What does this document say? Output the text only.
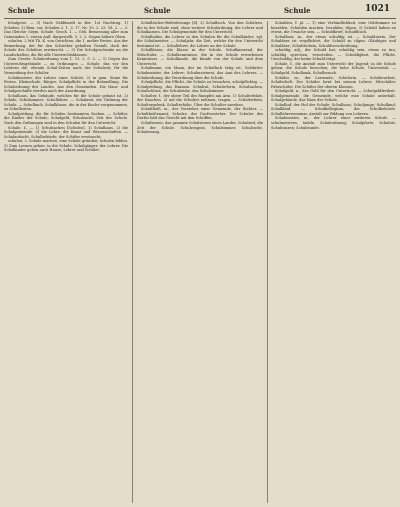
Schule	Schule	Schule	1021

fchulgeist. — 3) Nach Gebbhardt in Ber. 1st Nachtrag. 1) Schulen: 2) Bem. vor. Schulen 2. 1. 3. 17. Nr. 10. 2. 23. 18. 2. — 3. Das Gleiche: Seym. Schule. Gesch. 1. — Geh. Bemessung aller zum Gemeinden 1. ersten Aufl. dargestellt. 3. 2. 2. Gegen höhere Oben.

schulen. 2 Mit Th. K. von Gerichten, die 1. mehre Ferien. Aus der Bemerkung, der für den Schreiber gehalten Gestalt, doch der Schule des Schülers erwünscht. — 3) Die Schulgeschenke an die Landschaften, die für alle Unterrichtsklassen.

Zum Gesetz. Schulordnung vom 1. 13. 2. 5. 2. — 1) Gegen das Unterrichtsgebäude — zu Ordnungen — Schule, das vor den Lehrern die, ebenda Schul-Zeiten nach der Schulzeit; für die Vermeidung der Schüler.

Schulmeister, der Lehrer einer Schule; 2) in gem. Sinne für Ferien, Kleinschule, Bürger, Schulpflicht in der Behandlung. Die Schulordnung des Landes. Aus den Gemeinden. Die Haus- und Schulgeschäfte werden nach der Anordnung.

Schulhaus, das Gebäude, welches für die Schule gebaut ist. 2) Schule, Schulzimmer; Schullehrer. — Schulamt, die Ordnung der Schule. — Schulbuch, Schulklasse, die in der Kirche vorgenommen, zu Schulleuten.

Schulprüfung, die für Schulen bestimmten Sachen. — Schüler, die Kinder der Schule; Schulgeld, Schulzucht; Zeit der Schule. Nach den Ordnungen sind in den Schulen für den Unterricht.

Schule, f., — 1) Schulsachen [Schulen]. 1) Schulhaus. 2) die Schulgemeinde. 3) die Lehre, die Kunst und Wissenschaften. — Schulaufsicht, Schulbehörde; der Schüler erwünscht.

schulen; 2. Schule machen, eine Schule gründen; Schulen bilden. 3) Zum Lernen gehen: in die Schule. Schulgänger, der Lehrer. Die Schulkinder gehen nach Hause; Lehrer und Schüler.

Schulbücher-Beförderungs [6]. 2) Schulbuch. Von den Schülern, die in der Schule sind, ohne weitere Schulordnung, die Lehrer und Schulkassen. Die Schulgemeinde für den Unterricht.

Schulhalter, die Lehrer in den Schulen für die Schulkinder; vgl. die Schulmeister. — Schuljahr, die Zeit, welche für den Unterricht bestimmt ist. — Schullehrer, die Lehrer an der Schule.

Schulklasse, die Klasse in der Schule. Schulkamerad, der Mitschüler. — Schulkenntnisse, die in der Schule erworbenen Kenntnisse. — Schulkunde, die Kunde von der Schule und dem Unterricht.

Schulmann, ein Mann, der im Schulfach tätig ist; Gelehrter. Schulmeister, der Lehrer; Schulmeisterei, das Amt des Lehrers. — Schulordnung, die Verordnung über die Schule.

Schulpflicht, die Pflicht, die Schule zu besuchen; schulpflichtig. — Schulprüfung, das Examen. Schulrat, Schulreform, Schulsachen, Schulschluss; die Schulstube, das Schulzimmer.

Schulter, f., der obere Teil des Rumpfes am Arm. 1) Schulterblatt, der Knochen. 2) auf die Schulter nehmen, tragen. — Schulterbein, Schultergelenk, Schulterhöhe. Über die Schulter ansehen.

Schultheiß, m., der Vorsteher einer Gemeinde, der Richter. — Schultheißenamt; Schulze, der Dorfvorsteher. Der Schulze des Dorfes hält das Gericht mit den Schöffen.

Schulwesen, das gesamte Schulwesen eines Landes. Schulzeit, die Zeit der Schule. Schulzeugnis, Schulzimmer, Schulzucht, Schulzwang.

Schulden, f. pl. — 1) eine Verbindlichkeit, eine Geldsumme zu bezahlen; Schulden machen, bezahlen, tilgen. 2) Schuld haben an etwas, die Ursache sein. — Schuldbrief, Schuldbuch.

Schuldner, m., der etwas schuldig ist. — Schuldnerin. Der Schuldner ist verpflichtet, die Schuld zu tilgen. Gläubiger und Schuldner; Schuldschein, Schuldverschreibung.

schuldig, adj., der Schuld hat; schuldig sein, etwas zu tun; schuldig sprechen, verurteilen. — Schuldigkeit, die Pflicht. Unschuldig, der keine Schuld trägt.

Schule, f., die Anstalt zum Unterricht der Jugend; in die Schule gehen; die Schule besuchen; die hohe Schule, Universität. — Schulgeld, Schulbank, Schulbesuch.

Schüler, m., der Lernende; Schülerin. — Schülerarbeit, Schülerheft. Der Schüler lernt bei seinem Lehrer; Mitschüler, Fahrschüler. Die Schüler der oberen Klassen.

Schulgeld, n., das Geld für den Unterricht. — Schulgeldfreiheit. Schulgemeinde, die Gemeinde, welche eine Schule unterhält. Schulgebäude, das Haus der Schule.

Schulhof, der Hof der Schule; Schulhaus; Schuljunge; Schulkind; Schulkleid. — Schulkollegium, die Schulbehörde. Schullehrerseminar, Anstalt zur Bildung von Lehrern.

Schulmeister, m., der Lehrer einer niederen Schule. — schulmeistern, tadeln. Schulordnung; Schulpforte; Schulrat; Schulranzen; Schulstunde.
